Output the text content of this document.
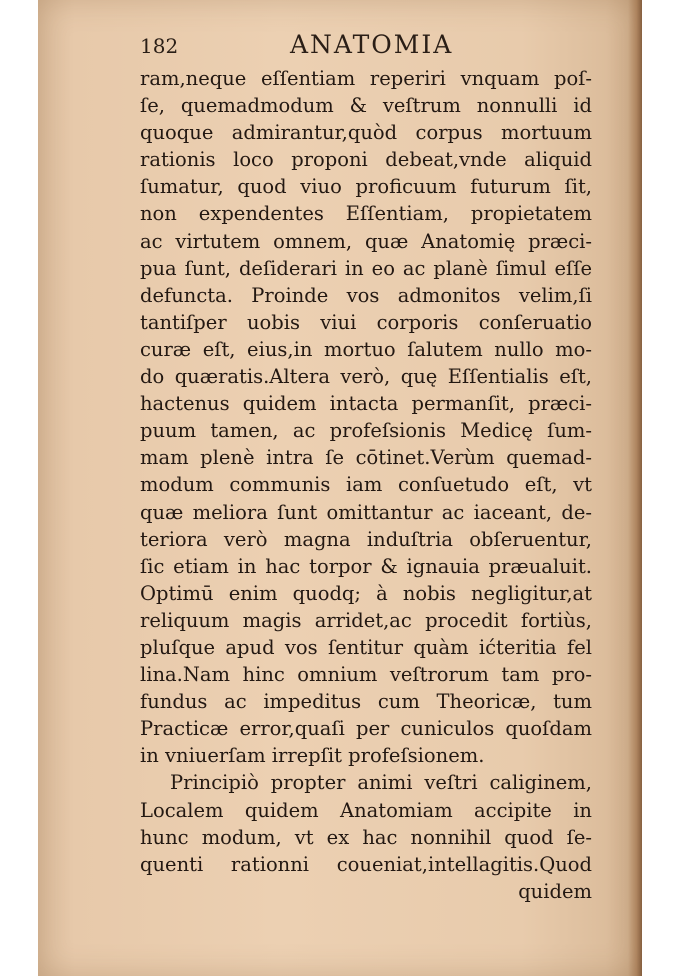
182	ANATOMIA
ram,neque eſſentiam reperiri vnquam poſ-
ſe, quemadmodum & veſtrum nonnulli id
quoque admirantur,quòd corpus mortuum
rationis loco proponi debeat,vnde aliquid
ſumatur, quod viuo proficuum futurum ſit,
non expendentes Eſſentiam, propietatem
ac virtutem omnem, quæ Anatomię præci-
pua ſunt, deſiderari in eo ac planè ſimul eſſe
defuncta. Proinde vos admonitos velim,ſi
tantiſper uobis viui corporis conſeruatio
curæ eſt, eius,in mortuo ſalutem nullo mo-
do quæratis.Altera verò, quę Eſſentialis eſt,
hactenus quidem intacta permanſit, præci-
puum tamen, ac profeſsionis Medicę ſum-
mam plenè intra ſe cōtinet.Verùm quemad-
modum communis iam conſuetudo eſt, vt
quæ meliora ſunt omittantur ac iaceant, de-
teriora verò magna induſtria obſeruentur,
ſic etiam in hac torpor & ignauia præualuit.
Optimū enim quodq; à nobis negligitur,at
reliquum magis arridet,ac procedit fortiùs,
pluſque apud vos ſentitur quàm ićteritia fel
lina.Nam hinc omnium veſtrorum tam pro-
fundus ac impeditus cum Theoricæ, tum
Practicæ error,quaſi per cuniculos quoſdam
in vniuerſam irrepſit profeſsionem.
Principiò propter animi veſtri caliginem,
Localem quidem Anatomiam accipite in
hunc modum, vt ex hac nonnihil quod ſe-
quenti rationni coueniat,intellagitis.Quod
quidem
